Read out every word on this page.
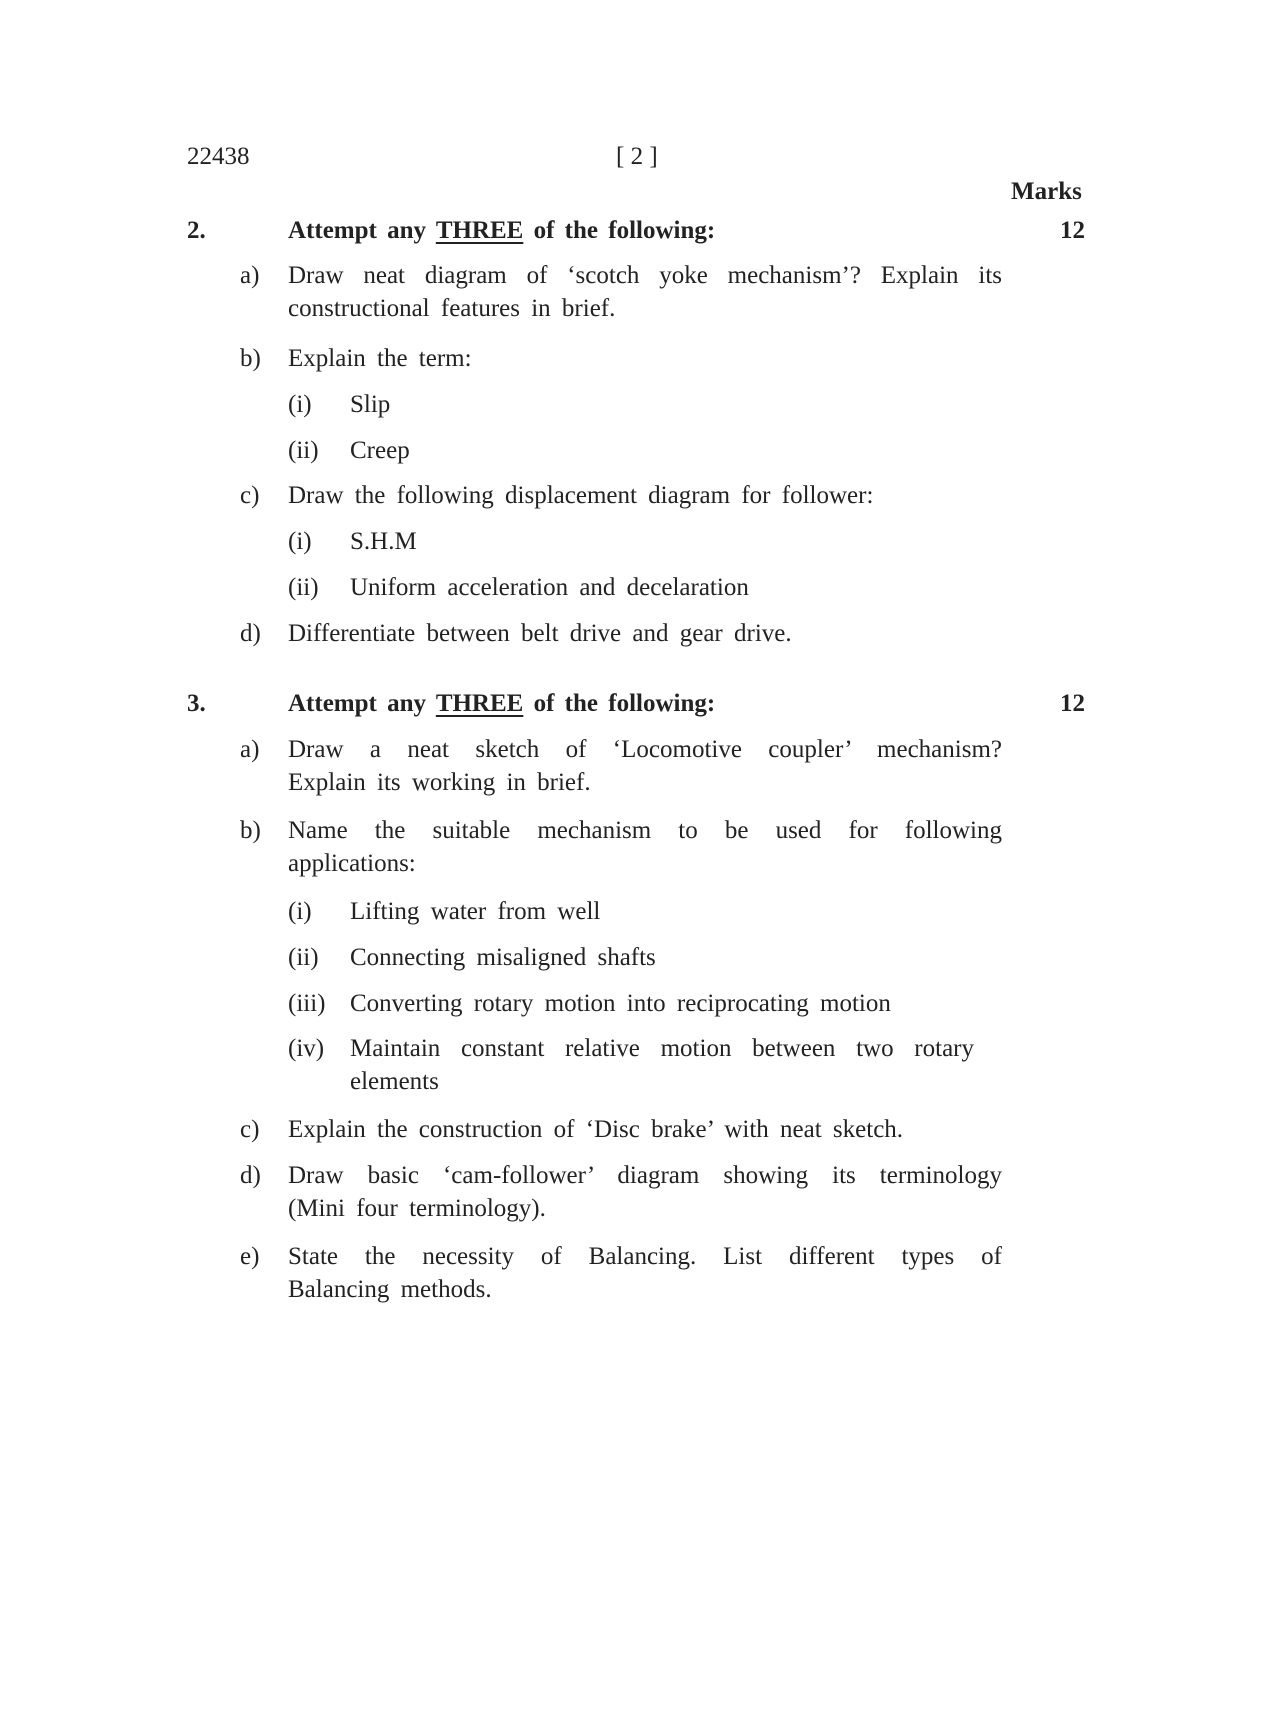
22438	[ 2 ]
Marks
2.	Attempt any THREE of the following:	12
a) Draw neat diagram of ‘scotch yoke mechanism’? Explain its
constructional features in brief.
b) Explain the term:
(i) Slip
(ii) Creep
c) Draw the following displacement diagram for follower:
(i) S.H.M
(ii) Uniform acceleration and decelaration
d) Differentiate between belt drive and gear drive.
3.	Attempt any THREE of the following:	12
a) Draw a neat sketch of ‘Locomotive coupler’ mechanism?
Explain its working in brief.
b) Name the suitable mechanism to be used for following
applications:
(i) Lifting water from well
(ii) Connecting misaligned shafts
(iii) Converting rotary motion into reciprocating motion
(iv) Maintain constant relative motion between two rotary
elements
c) Explain the construction of ‘Disc brake’ with neat sketch.
d) Draw basic ‘cam-follower’ diagram showing its terminology
(Mini four terminology).
e) State the necessity of Balancing. List different types of
Balancing methods.
